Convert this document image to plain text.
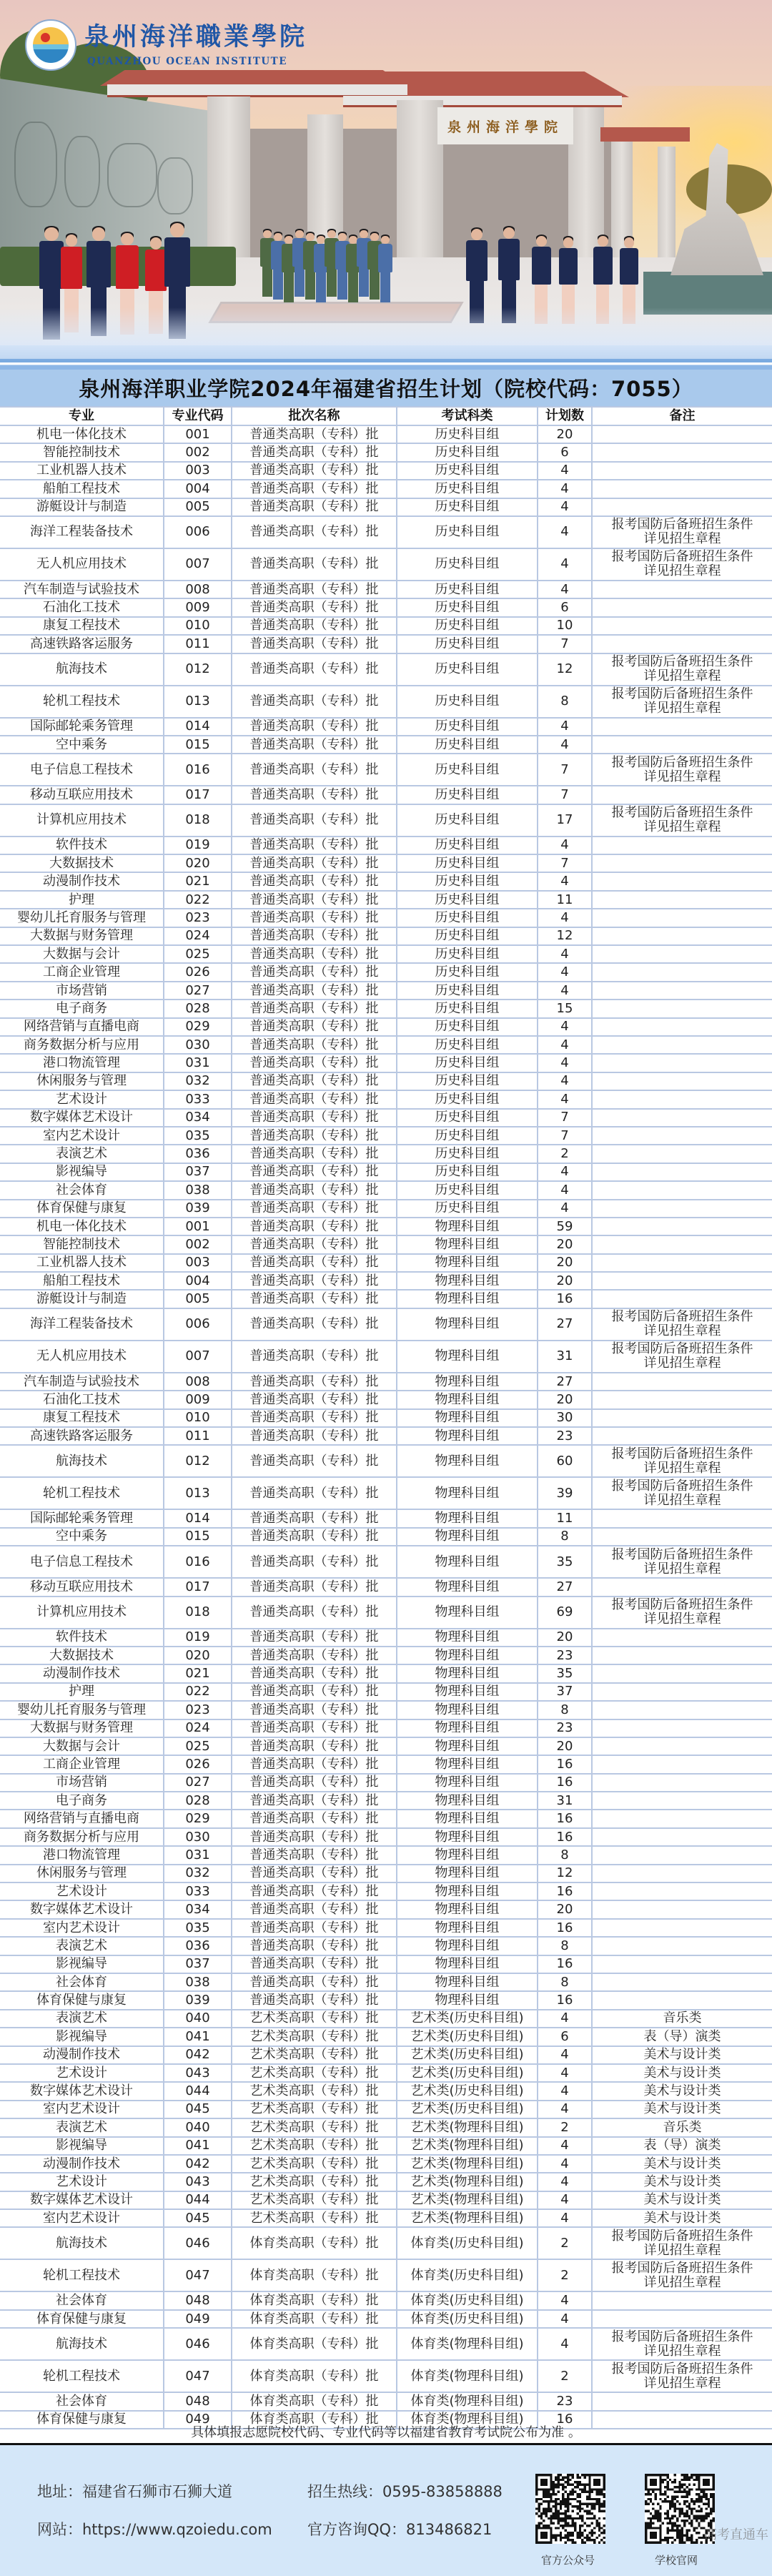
泉州海洋學院
泉州海洋職業學院
QUANZHOU OCEAN INSTITUTE
泉州海洋职业学院2024年福建省招生计划（院校代码：7055）
专业	专业代码	批次名称	考试科类	计划数	备注
机电一体化技术	001	普通类高职（专科）批	历史科目组	20	
智能控制技术	002	普通类高职（专科）批	历史科目组	6	
工业机器人技术	003	普通类高职（专科）批	历史科目组	4	
船舶工程技术	004	普通类高职（专科）批	历史科目组	4	
游艇设计与制造	005	普通类高职（专科）批	历史科目组	4	
海洋工程装备技术	006	普通类高职（专科）批	历史科目组	4	报考国防后备班招生条件
详见招生章程
无人机应用技术	007	普通类高职（专科）批	历史科目组	4	报考国防后备班招生条件
详见招生章程
汽车制造与试验技术	008	普通类高职（专科）批	历史科目组	4	
石油化工技术	009	普通类高职（专科）批	历史科目组	6	
康复工程技术	010	普通类高职（专科）批	历史科目组	10	
高速铁路客运服务	011	普通类高职（专科）批	历史科目组	7	
航海技术	012	普通类高职（专科）批	历史科目组	12	报考国防后备班招生条件
详见招生章程
轮机工程技术	013	普通类高职（专科）批	历史科目组	8	报考国防后备班招生条件
详见招生章程
国际邮轮乘务管理	014	普通类高职（专科）批	历史科目组	4	
空中乘务	015	普通类高职（专科）批	历史科目组	4	
电子信息工程技术	016	普通类高职（专科）批	历史科目组	7	报考国防后备班招生条件
详见招生章程
移动互联应用技术	017	普通类高职（专科）批	历史科目组	7	
计算机应用技术	018	普通类高职（专科）批	历史科目组	17	报考国防后备班招生条件
详见招生章程
软件技术	019	普通类高职（专科）批	历史科目组	4	
大数据技术	020	普通类高职（专科）批	历史科目组	7	
动漫制作技术	021	普通类高职（专科）批	历史科目组	4	
护理	022	普通类高职（专科）批	历史科目组	11	
婴幼儿托育服务与管理	023	普通类高职（专科）批	历史科目组	4	
大数据与财务管理	024	普通类高职（专科）批	历史科目组	12	
大数据与会计	025	普通类高职（专科）批	历史科目组	4	
工商企业管理	026	普通类高职（专科）批	历史科目组	4	
市场营销	027	普通类高职（专科）批	历史科目组	4	
电子商务	028	普通类高职（专科）批	历史科目组	15	
网络营销与直播电商	029	普通类高职（专科）批	历史科目组	4	
商务数据分析与应用	030	普通类高职（专科）批	历史科目组	4	
港口物流管理	031	普通类高职（专科）批	历史科目组	4	
休闲服务与管理	032	普通类高职（专科）批	历史科目组	4	
艺术设计	033	普通类高职（专科）批	历史科目组	4	
数字媒体艺术设计	034	普通类高职（专科）批	历史科目组	7	
室内艺术设计	035	普通类高职（专科）批	历史科目组	7	
表演艺术	036	普通类高职（专科）批	历史科目组	2	
影视编导	037	普通类高职（专科）批	历史科目组	4	
社会体育	038	普通类高职（专科）批	历史科目组	4	
体育保健与康复	039	普通类高职（专科）批	历史科目组	4	
机电一体化技术	001	普通类高职（专科）批	物理科目组	59	
智能控制技术	002	普通类高职（专科）批	物理科目组	20	
工业机器人技术	003	普通类高职（专科）批	物理科目组	20	
船舶工程技术	004	普通类高职（专科）批	物理科目组	20	
游艇设计与制造	005	普通类高职（专科）批	物理科目组	16	
海洋工程装备技术	006	普通类高职（专科）批	物理科目组	27	报考国防后备班招生条件
详见招生章程
无人机应用技术	007	普通类高职（专科）批	物理科目组	31	报考国防后备班招生条件
详见招生章程
汽车制造与试验技术	008	普通类高职（专科）批	物理科目组	27	
石油化工技术	009	普通类高职（专科）批	物理科目组	20	
康复工程技术	010	普通类高职（专科）批	物理科目组	30	
高速铁路客运服务	011	普通类高职（专科）批	物理科目组	23	
航海技术	012	普通类高职（专科）批	物理科目组	60	报考国防后备班招生条件
详见招生章程
轮机工程技术	013	普通类高职（专科）批	物理科目组	39	报考国防后备班招生条件
详见招生章程
国际邮轮乘务管理	014	普通类高职（专科）批	物理科目组	11	
空中乘务	015	普通类高职（专科）批	物理科目组	8	
电子信息工程技术	016	普通类高职（专科）批	物理科目组	35	报考国防后备班招生条件
详见招生章程
移动互联应用技术	017	普通类高职（专科）批	物理科目组	27	
计算机应用技术	018	普通类高职（专科）批	物理科目组	69	报考国防后备班招生条件
详见招生章程
软件技术	019	普通类高职（专科）批	物理科目组	20	
大数据技术	020	普通类高职（专科）批	物理科目组	23	
动漫制作技术	021	普通类高职（专科）批	物理科目组	35	
护理	022	普通类高职（专科）批	物理科目组	37	
婴幼儿托育服务与管理	023	普通类高职（专科）批	物理科目组	8	
大数据与财务管理	024	普通类高职（专科）批	物理科目组	23	
大数据与会计	025	普通类高职（专科）批	物理科目组	20	
工商企业管理	026	普通类高职（专科）批	物理科目组	16	
市场营销	027	普通类高职（专科）批	物理科目组	16	
电子商务	028	普通类高职（专科）批	物理科目组	31	
网络营销与直播电商	029	普通类高职（专科）批	物理科目组	16	
商务数据分析与应用	030	普通类高职（专科）批	物理科目组	16	
港口物流管理	031	普通类高职（专科）批	物理科目组	8	
休闲服务与管理	032	普通类高职（专科）批	物理科目组	12	
艺术设计	033	普通类高职（专科）批	物理科目组	16	
数字媒体艺术设计	034	普通类高职（专科）批	物理科目组	20	
室内艺术设计	035	普通类高职（专科）批	物理科目组	16	
表演艺术	036	普通类高职（专科）批	物理科目组	8	
影视编导	037	普通类高职（专科）批	物理科目组	16	
社会体育	038	普通类高职（专科）批	物理科目组	8	
体育保健与康复	039	普通类高职（专科）批	物理科目组	16	
表演艺术	040	艺术类高职（专科）批	艺术类(历史科目组)	4	音乐类
影视编导	041	艺术类高职（专科）批	艺术类(历史科目组)	6	表（导）演类
动漫制作技术	042	艺术类高职（专科）批	艺术类(历史科目组)	4	美术与设计类
艺术设计	043	艺术类高职（专科）批	艺术类(历史科目组)	4	美术与设计类
数字媒体艺术设计	044	艺术类高职（专科）批	艺术类(历史科目组)	4	美术与设计类
室内艺术设计	045	艺术类高职（专科）批	艺术类(历史科目组)	4	美术与设计类
表演艺术	040	艺术类高职（专科）批	艺术类(物理科目组)	2	音乐类
影视编导	041	艺术类高职（专科）批	艺术类(物理科目组)	4	表（导）演类
动漫制作技术	042	艺术类高职（专科）批	艺术类(物理科目组)	4	美术与设计类
艺术设计	043	艺术类高职（专科）批	艺术类(物理科目组)	4	美术与设计类
数字媒体艺术设计	044	艺术类高职（专科）批	艺术类(物理科目组)	4	美术与设计类
室内艺术设计	045	艺术类高职（专科）批	艺术类(物理科目组)	4	美术与设计类
航海技术	046	体育类高职（专科）批	体育类(历史科目组)	2	报考国防后备班招生条件
详见招生章程
轮机工程技术	047	体育类高职（专科）批	体育类(历史科目组)	2	报考国防后备班招生条件
详见招生章程
社会体育	048	体育类高职（专科）批	体育类(历史科目组)	4	
体育保健与康复	049	体育类高职（专科）批	体育类(历史科目组)	4	
航海技术	046	体育类高职（专科）批	体育类(物理科目组)	4	报考国防后备班招生条件
详见招生章程
轮机工程技术	047	体育类高职（专科）批	体育类(物理科目组)	2	报考国防后备班招生条件
详见招生章程
社会体育	048	体育类高职（专科）批	体育类(物理科目组)	23	
体育保健与康复	049	体育类高职（专科）批	体育类(物理科目组)	16	
具体填报志愿院校代码、专业代码等以福建省教育考试院公布为准 。
地址：福建省石狮市石狮大道	招生热线：0595-83858888
网站：https://www.qzoiedu.com 官方咨询QQ：813486821
官方公众号	学校官网
高考直通车
